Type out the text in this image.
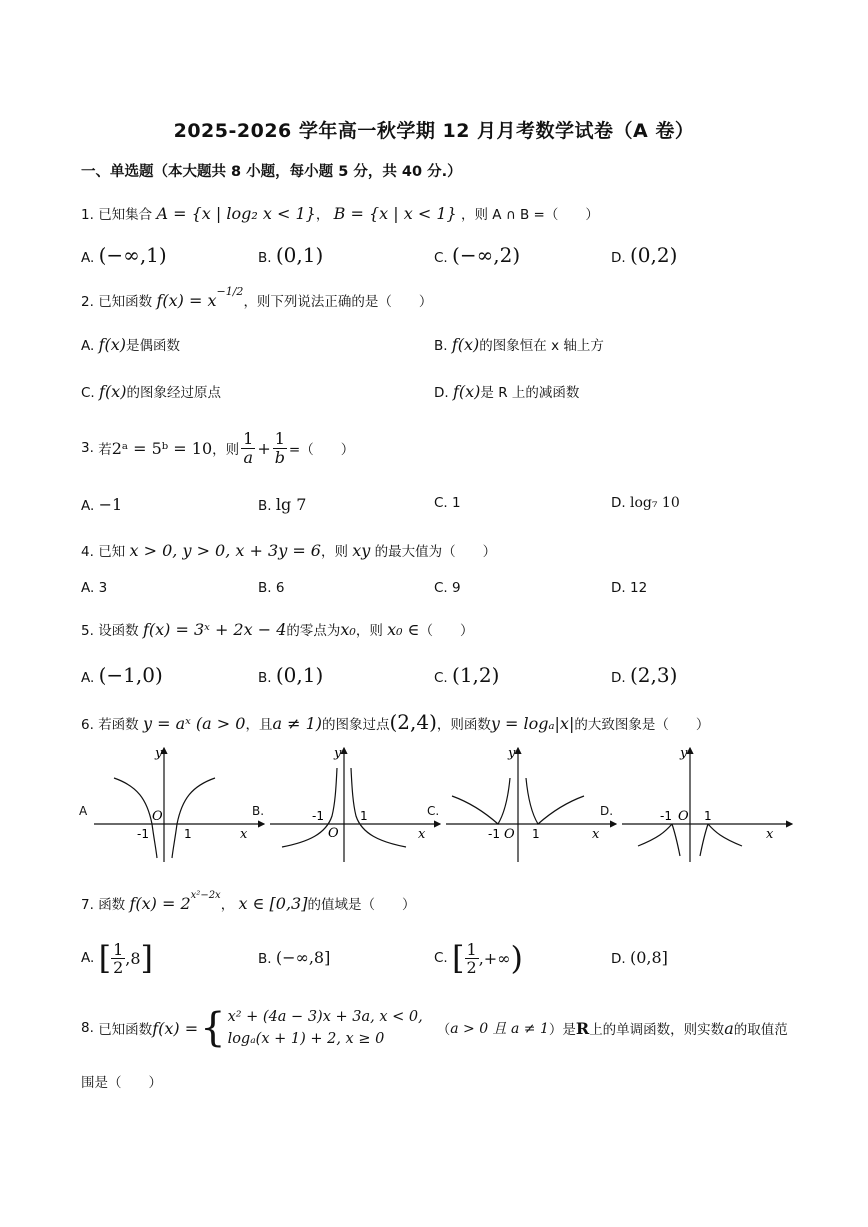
2025-2026 学年高一秋学期 12 月月考数学试卷（A 卷）
一、单选题（本大题共 8 小题，每小题 5 分，共 40 分.）
1. 已知集合 A = {x | log₂ x < 1}， B = {x | x < 1} ，则 A ∩ B =（　　）
A. (−∞,1)	B. (0,1)	C. (−∞,2)	D. (0,2)
2. 已知函数 $f(x) = x^{-1/2}$，则下列说法正确的是（　　）
A. f(x)是偶函数	B. f(x)的图象恒在 x 轴上方
C. f(x)的图象经过原点	D. f(x)是 R 上的减函数
3.
若 2ᵃ = 5ᵇ = 10 ，则 $\frac{1}{a} + \frac{1}{b}$ =（　　）
A. −1	B. lg 7	C. 1	D. log₇ 10
4. 已知 x > 0, y > 0, x + 3y = 6，则 xy 的最大值为（　　）
A. 3	B. 6	C. 9	D. 12
5. 设函数 f(x) = 3ˣ + 2x − 4的零点为x₀，则 x₀ ∈（　　）
A. (−1,0)	B. (0,1)	C. (1,2)	D. (2,3)
6. 若函数 y = aˣ (a > 0，且a ≠ 1)的图象过点(2,4)，则函数y = logₐ|x|的大致图象是（　　）
A
y
x
O
-1	1
B.
y
x
O
-1	1	C.
y
x
O
-1	1
D.
y
x
O
-1	1
7. 函数 $f(x) = 2^{x^2-2x}$， x ∈ [0,3]的值域是（　　）
A.
[ $\frac{1}{2} ,8$ ]	B. (−∞,8]	C.
[ $\frac{1}{2}$ ,+∞ )	D. (0,8]
8.
已知函数 f(x) = { x² + (4a − 3)x + 3a, x < 0,
logₐ(x + 1) + 2, x ≥ 0
（ a > 0 且 a ≠ 1 ）是 R 上的单调函数，则实数 a 的取值范
围是（　　）
